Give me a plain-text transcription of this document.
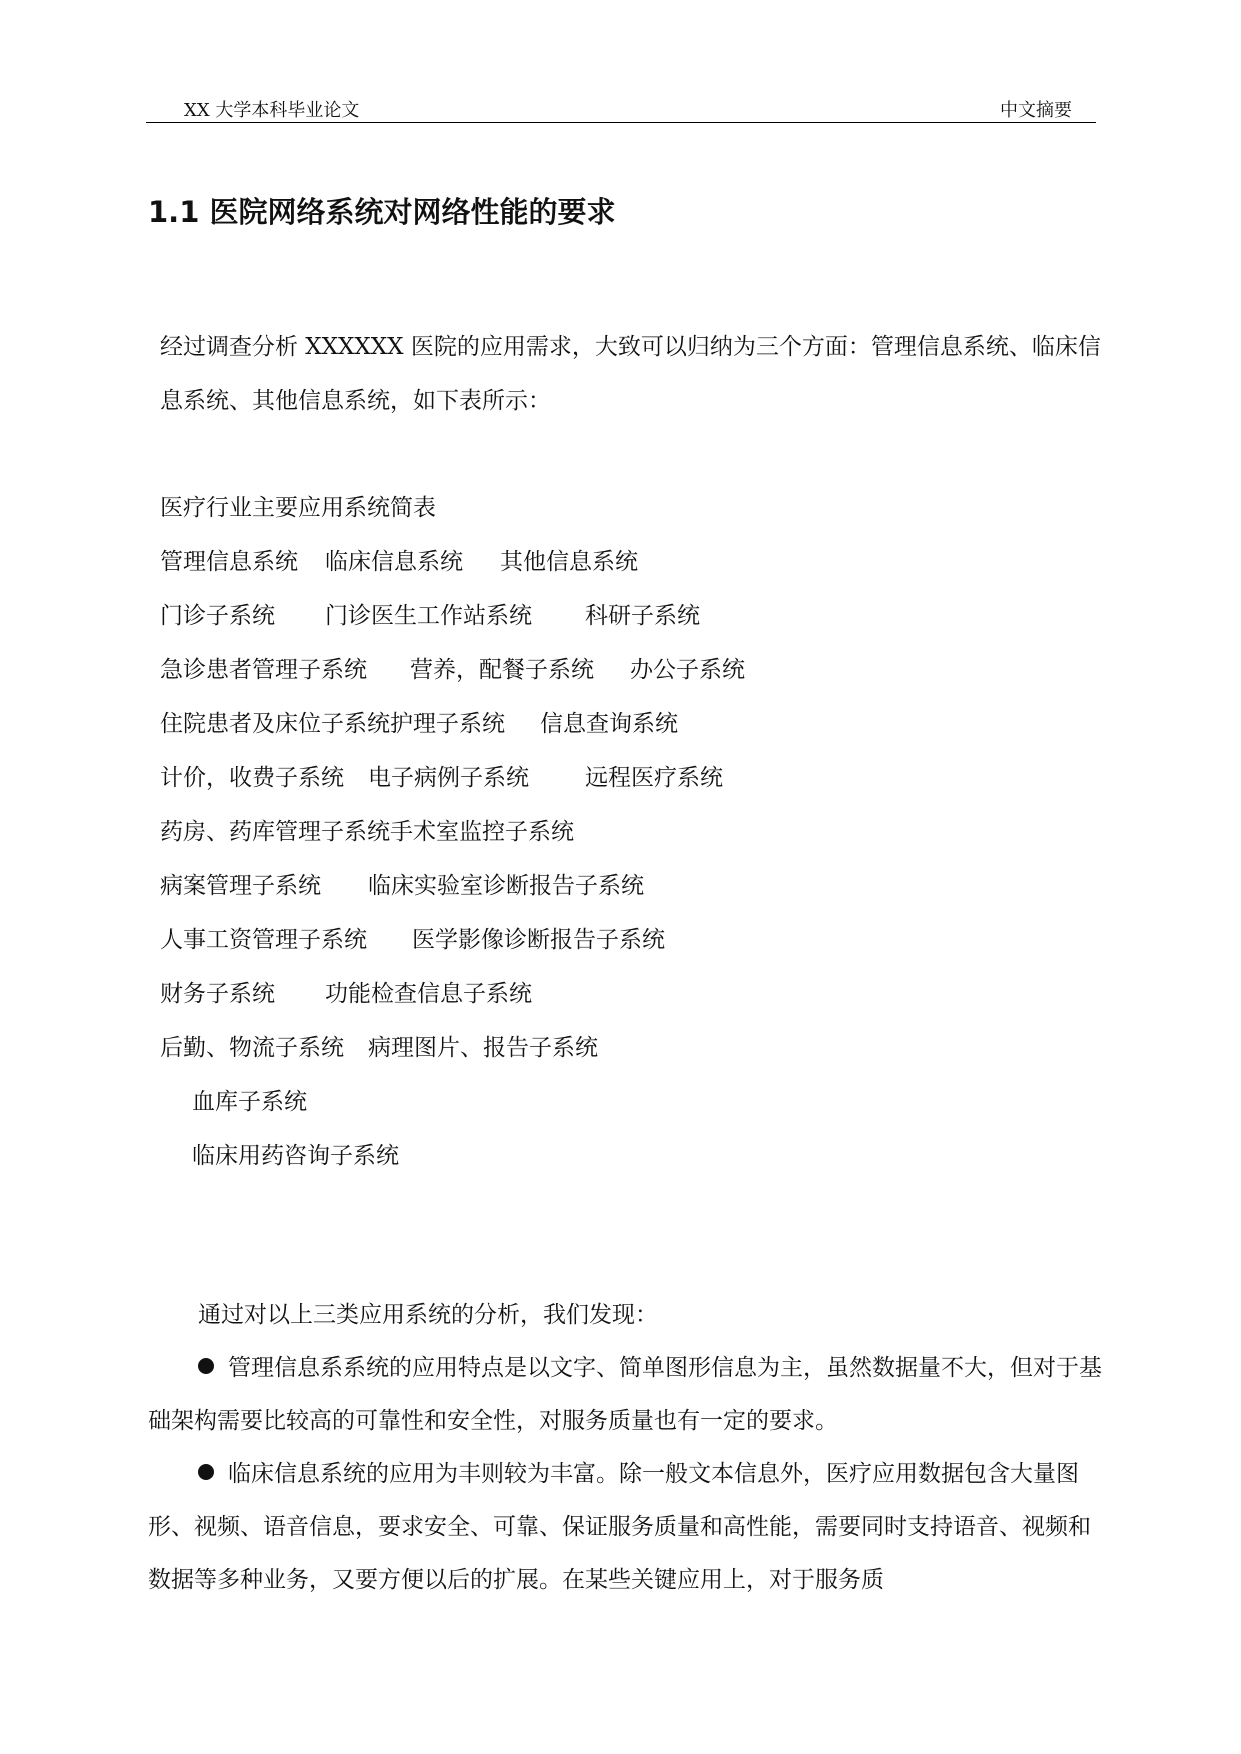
XX 大学本科毕业论文	中文摘要
1.1 医院网络系统对网络性能的要求
经过调查分析 XXXXXX 医院的应用需求，大致可以归纳为三个方面：管理信息系统、临床信息系统、其他信息系统，如下表所示：
医疗行业主要应用系统简表
管理信息系统 临床信息系统 其他信息系统
门诊子系统 门诊医生工作站系统 科研子系统
急诊患者管理子系统 营养，配餐子系统 办公子系统
住院患者及床位子系统 护理子系统 信息查询系统
计价，收费子系统 电子病例子系统 远程医疗系统
药房、药库管理子系统 手术室监控子系统
病案管理子系统 临床实验室诊断报告子系统
人事工资管理子系统 医学影像诊断报告子系统
财务子系统 功能检查信息子系统
后勤、物流子系统 病理图片、报告子系统
血库子系统
临床用药咨询子系统

通过对以上三类应用系统的分析，我们发现：

管理信息系系统的应用特点是以文字、简单图形信息为主，虽然数据量不大，但对于基础架构需要比较高的可靠性和安全性，对服务质量也有一定的要求。

临床信息系统的应用为丰则较为丰富。除一般文本信息外，医疗应用数据包含大量图形、视频、语音信息，要求安全、可靠、保证服务质量和高性能，需要同时支持语音、视频和数据等多种业务，又要方便以后的扩展。在某些关键应用上，对于服务质
